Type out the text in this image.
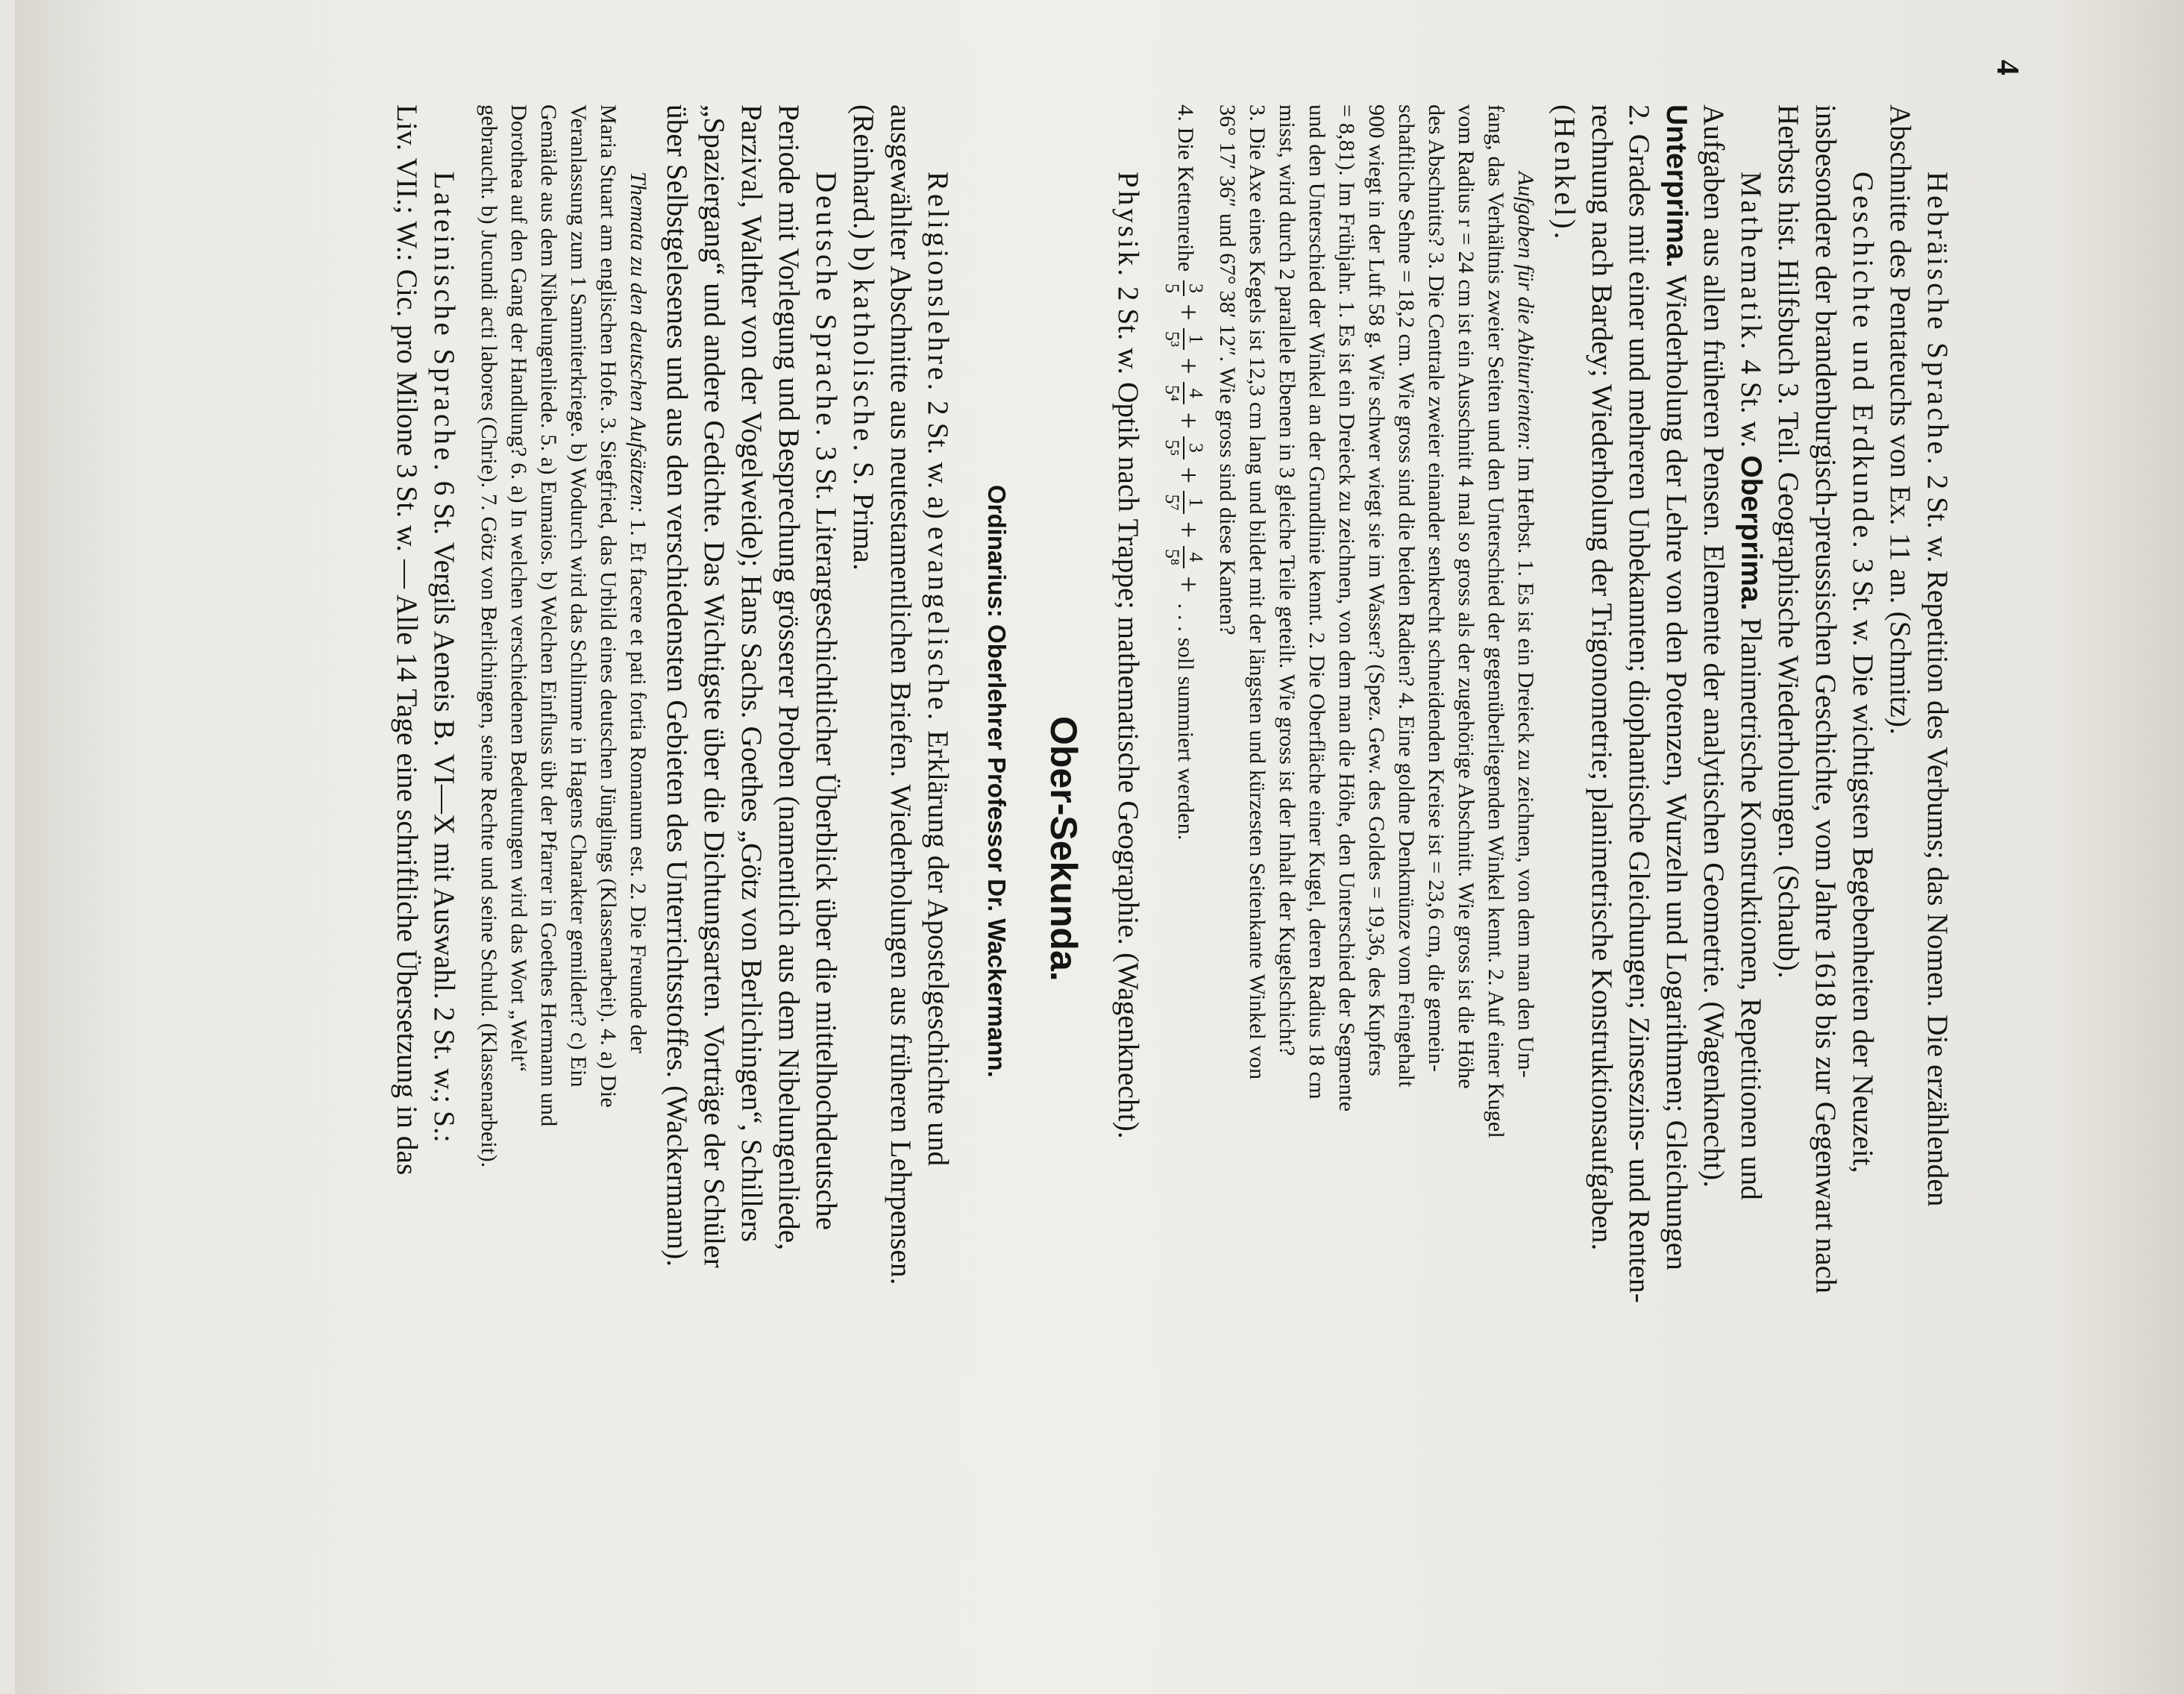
4
Hebräische Sprache. 2 St. w. Repetition des Verbums; das Nomen. Die erzählenden
Abschnitte des Pentateuchs von Ex. 11 an. (Schmitz).
Geschichte und Erdkunde. 3 St. w. Die wichtigsten Begebenheiten der Neuzeit,
insbesondere der brandenburgisch-preussischen Geschichte, vom Jahre 1618 bis zur Gegenwart nach
Herbsts hist. Hilfsbuch 3. Teil. Geographische Wiederholungen. (Schaub).
Mathematik. 4 St. w. Oberprima. Planimetrische Konstruktionen, Repetitionen und
Aufgaben aus allen früheren Pensen. Elemente der analytischen Geometrie. (Wagenknecht).
Unterprima. Wiederholung der Lehre von den Potenzen, Wurzeln und Logarithmen; Gleichungen
2. Grades mit einer und mehreren Unbekannten; diophantische Gleichungen; Zinseszins- und Renten-
rechnung nach Bardey; Wiederholung der Trigonometrie; planimetrische Konstruktionsaufgaben.
(Henkel).
Aufgaben für die Abiturienten: Im Herbst. 1. Es ist ein Dreieck zu zeichnen, von dem man den Um-
fang, das Verhältnis zweier Seiten und den Unterschied der gegenüberliegenden Winkel kennt. 2. Auf einer Kugel
vom Radius r = 24 cm ist ein Ausschnitt 4 mal so gross als der zugehörige Abschnitt. Wie gross ist die Höhe
des Abschnitts? 3. Die Centrale zweier einander senkrecht schneidenden Kreise ist = 23,6 cm, die gemein-
schaftliche Sehne = 18,2 cm. Wie gross sind die beiden Radien? 4. Eine goldne Denkmünze vom Feingehalt
900 wiegt in der Luft 58 g. Wie schwer wiegt sie im Wasser? (Spez. Gew. des Goldes = 19,36, des Kupfers
= 8,81). Im Frühjahr. 1. Es ist ein Dreieck zu zeichnen, von dem man die Höhe, den Unterschied der Segmente
und den Unterschied der Winkel an der Grundlinie kennt. 2. Die Oberfläche einer Kugel, deren Radius 18 cm
misst, wird durch 2 parallele Ebenen in 3 gleiche Teile geteilt. Wie gross ist der Inhalt der Kugelschicht?
3. Die Axe eines Kegels ist 12,3 cm lang und bildet mit der längsten und kürzesten Seitenkante Winkel von
36° 17′ 36″ und 67° 38′ 12″. Wie gross sind diese Kanten?
4. Die Kettenreihe
3
5
+
1
5³
+
4
5⁴
+
3
5⁵
+
1
5⁷
+
4
5⁸
+ . . . soll summiert werden.
Physik. 2 St. w. Optik nach Trappe; mathematische Geographie. (Wagenknecht).
Ober-Sekunda.
Ordinarius: Oberlehrer Professor Dr. Wackermann.
Religionslehre. 2 St. w. a) evangelische. Erklärung der Apostelgeschichte und
ausgewählter Abschnitte aus neutestamentlichen Briefen. Wiederholungen aus früheren Lehrpensen.
(Reinhard.) b) katholische. S. Prima.
Deutsche Sprache. 3 St. Literargeschichtlicher Überblick über die mittelhochdeutsche
Periode mit Vorlegung und Besprechung grösserer Proben (namentlich aus dem Nibelungenliede,
Parzival, Walther von der Vogelweide); Hans Sachs. Goethes „Götz von Berlichingen“, Schillers
„Spaziergang“ und andere Gedichte. Das Wichtigste über die Dichtungsarten. Vorträge der Schüler
über Selbstgelesenes und aus den verschiedensten Gebieten des Unterrichtsstoffes. (Wackermann).
Themata zu den deutschen Aufsätzen: 1. Et facere et pati fortia Romanum est. 2. Die Freunde der
Maria Stuart am englischen Hofe. 3. Siegfried, das Urbild eines deutschen Jünglings (Klassenarbeit). 4. a) Die
Veranlassung zum 1 Samniterkriege. b) Wodurch wird das Schlimme in Hagens Charakter gemildert? c) Ein
Gemälde aus dem Nibelungenliede. 5. a) Eumaios. b) Welchen Einfluss übt der Pfarrer in Goethes Hermann und
Dorothea auf den Gang der Handlung? 6. a) In welchen verschiedenen Bedeutungen wird das Wort „Welt“
gebraucht. b) Jucundi acti labores (Chrie). 7. Götz von Berlichingen, seine Rechte und seine Schuld. (Klassenarbeit).
Lateinische Sprache. 6 St. Vergils Aeneis B. VI—X mit Auswahl. 2 St. w.; S.:
Liv. VII.; W.: Cic. pro Milone 3 St. w. — Alle 14 Tage eine schriftliche Übersetzung in das
